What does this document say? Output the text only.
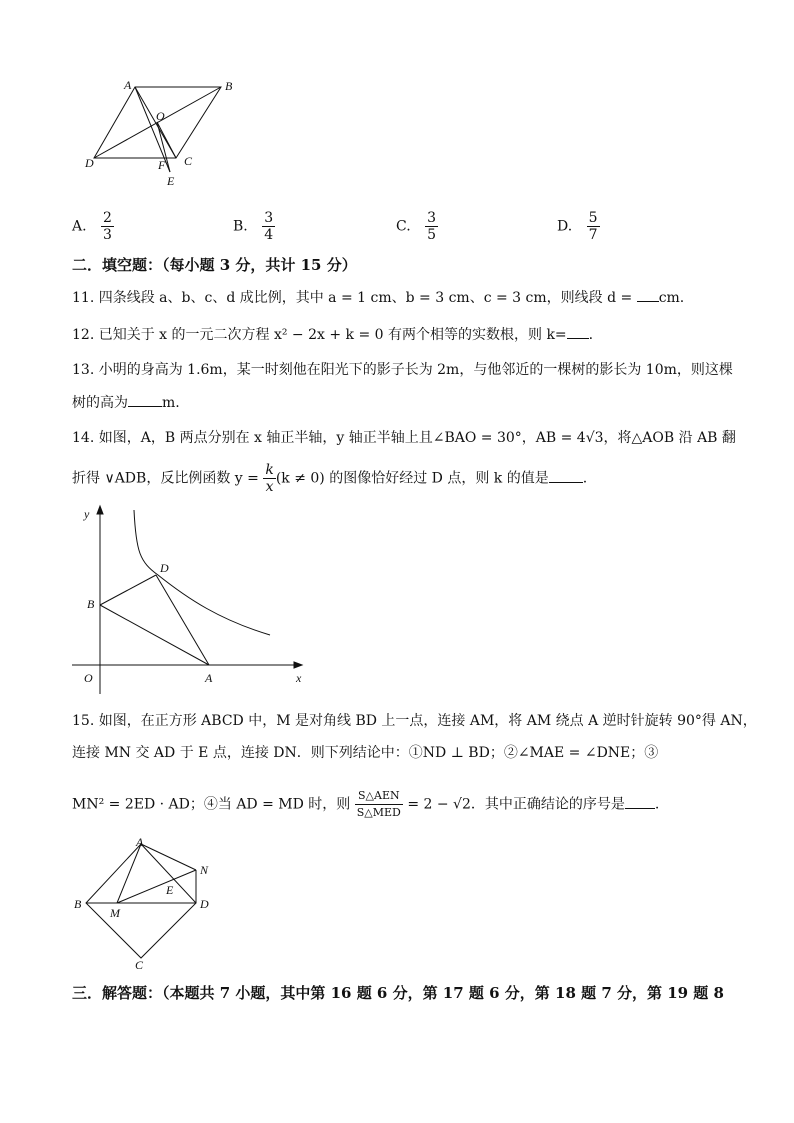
A	B
O
D	F C
E
A. $\frac{2}{3}$	B. $\frac{3}{4}$	C. $\frac{3}{5}$	D. $\frac{5}{7}$
二．填空题：（每小题 3 分，共计 15 分）
11. 四条线段 a、b、c、d 成比例，其中 a = 1 cm、b = 3 cm、c = 3 cm，则线段 d = cm.
12. 已知关于 x 的一元二次方程 x² − 2x + k = 0 有两个相等的实数根，则 k= .
13. 小明的身高为 1.6m，某一时刻他在阳光下的影子长为 2m，与他邻近的一棵树的影长为 10m，则这棵
树的高为 m.
14. 如图，A，B 两点分别在 x 轴正半轴，y 轴正半轴上且∠BAO = 30°，AB = 4√3，将△AOB 沿 AB 翻
折得 ∨ADB，反比例函数 $y = \frac{k}{x} (k \ne 0)$ 的图像恰好经过 D 点，则 k 的值是 .
y
x
O	A
B
D
15. 如图，在正方形 ABCD 中，M 是对角线 BD 上一点，连接 AM，将 AM 绕点 A 逆时针旋转 90°得 AN，
连接 MN 交 AD 于 E 点，连接 DN．则下列结论中：①ND ⊥ BD；②∠MAE = ∠DNE；③
MN² = 2ED · AD；④当 AD = MD 时，则 $\frac{\text{S△AEN}}{\text{S△MED}} = 2 - √2$．其中正确结论的序号是 .
A
N
E
B
M
D
C
三．解答题：（本题共 7 小题，其中第 16 题 6 分，第 17 题 6 分，第 18 题 7 分，第 19 题 8
